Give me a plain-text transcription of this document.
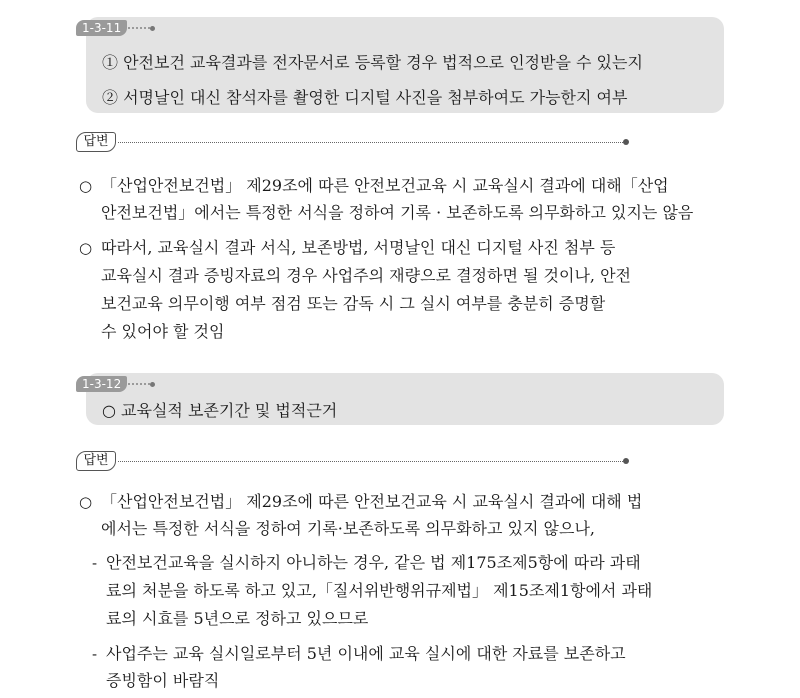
1-3-11
① 안전보건 교육결과를 전자문서로 등록할 경우 법적으로 인정받을 수 있는지
② 서명날인 대신 참석자를 촬영한 디지털 사진을 첨부하여도 가능한지 여부
답변
○ 「산업안전보건법」 제29조에 따른 안전보건교육 시 교육실시 결과에 대해「산업
안전보건법」에서는 특정한 서식을 정하여 기록 · 보존하도록 의무화하고 있지는 않음
○ 따라서, 교육실시 결과 서식, 보존방법, 서명날인 대신 디지털 사진 첨부 등
교육실시 결과 증빙자료의 경우 사업주의 재량으로 결정하면 될 것이나, 안전
보건교육 의무이행 여부 점검 또는 감독 시 그 실시 여부를 충분히 증명할
수 있어야 할 것임
1-3-12
○ 교육실적 보존기간 및 법적근거
답변
○ 「산업안전보건법」 제29조에 따른 안전보건교육 시 교육실시 결과에 대해 법
에서는 특정한 서식을 정하여 기록·보존하도록 의무화하고 있지 않으나,
- 안전보건교육을 실시하지 아니하는 경우, 같은 법 제175조제5항에 따라 과태
료의 처분을 하도록 하고 있고,「질서위반행위규제법」 제15조제1항에서 과태
료의 시효를 5년으로 정하고 있으므로
- 사업주는 교육 실시일로부터 5년 이내에 교육 실시에 대한 자료를 보존하고
증빙함이 바람직
